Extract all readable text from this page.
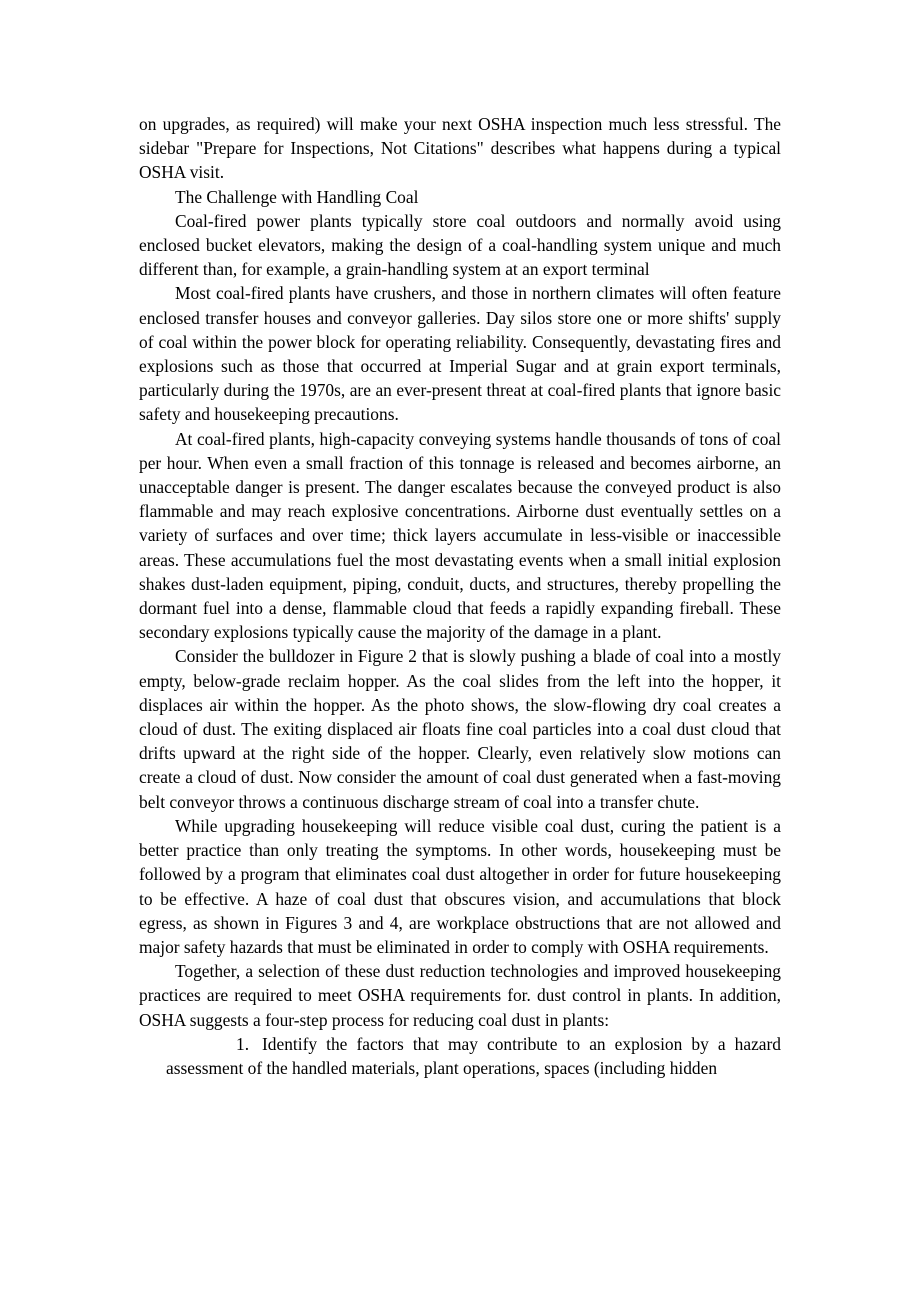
on upgrades, as required) will make your next OSHA inspection much less stressful. The sidebar "Prepare for Inspections, Not Citations" describes what happens during a typical OSHA visit.

The Challenge with Handling Coal

Coal-fired power plants typically store coal outdoors and normally avoid using enclosed bucket elevators, making the design of a coal-handling system unique and much different than, for example, a grain-handling system at an export terminal

Most coal-fired plants have crushers, and those in northern climates will often feature enclosed transfer houses and conveyor galleries. Day silos store one or more shifts' supply of coal within the power block for operating reliability. Consequently, devastating fires and explosions such as those that occurred at Imperial Sugar and at grain export terminals, particularly during the 1970s, are an ever-present threat at coal-fired plants that ignore basic safety and housekeeping precautions.

At coal-fired plants, high-capacity conveying systems handle thousands of tons of coal per hour. When even a small fraction of this tonnage is released and becomes airborne, an unacceptable danger is present. The danger escalates because the conveyed product is also flammable and may reach explosive concentrations. Airborne dust eventually settles on a variety of surfaces and over time; thick layers accumulate in less-visible or inaccessible areas. These accumulations fuel the most devastating events when a small initial explosion shakes dust-laden equipment, piping, conduit, ducts, and structures, thereby propelling the dormant fuel into a dense, flammable cloud that feeds a rapidly expanding fireball. These secondary explosions typically cause the majority of the damage in a plant.

Consider the bulldozer in Figure 2 that is slowly pushing a blade of coal into a mostly empty, below-grade reclaim hopper. As the coal slides from the left into the hopper, it displaces air within the hopper. As the photo shows, the slow-flowing dry coal creates a cloud of dust. The exiting displaced air floats fine coal particles into a coal dust cloud that drifts upward at the right side of the hopper. Clearly, even relatively slow motions can create a cloud of dust. Now consider the amount of coal dust generated when a fast-moving belt conveyor throws a continuous discharge stream of coal into a transfer chute.

While upgrading housekeeping will reduce visible coal dust, curing the patient is a better practice than only treating the symptoms. In other words, housekeeping must be followed by a program that eliminates coal dust altogether in order for future housekeeping to be effective. A haze of coal dust that obscures vision, and accumulations that block egress, as shown in Figures 3 and 4, are workplace obstructions that are not allowed and major safety hazards that must be eliminated in order to comply with OSHA requirements.

Together, a selection of these dust reduction technologies and improved housekeeping practices are required to meet OSHA requirements for. dust control in plants. In addition, OSHA suggests a four-step process for reducing coal dust in plants:

1. Identify the factors that may contribute to an explosion by a hazard assessment of the handled materials, plant operations, spaces (including hidden
